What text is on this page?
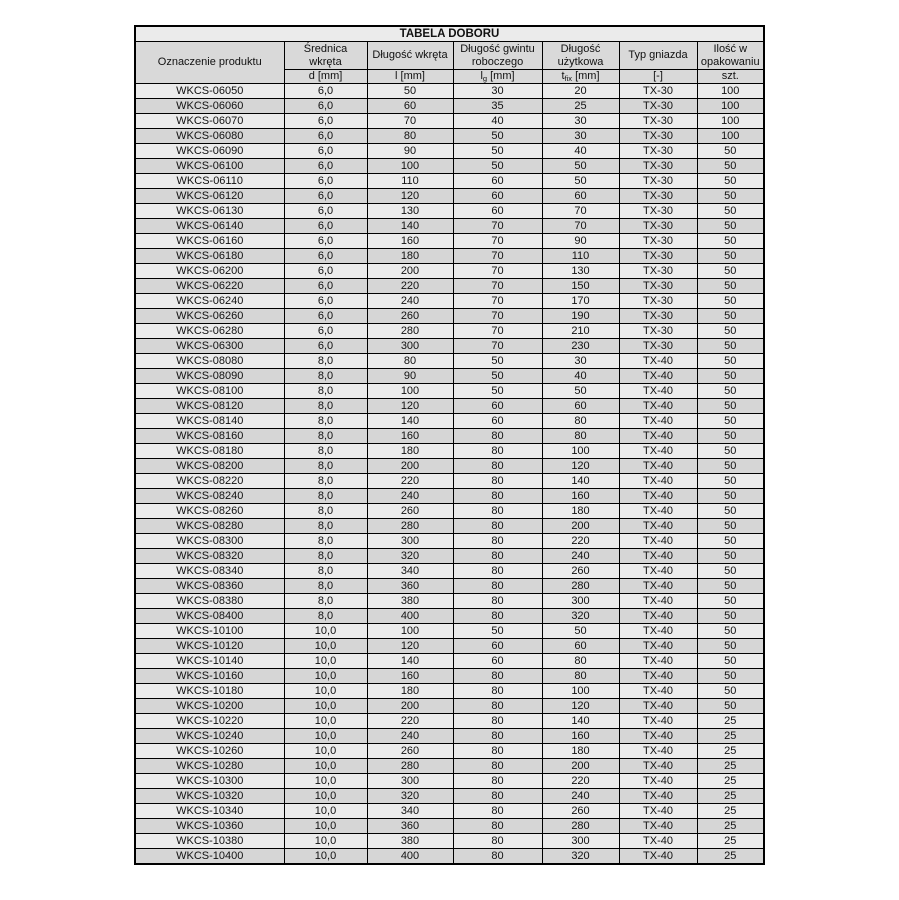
TABELA DOBORU						
Oznaczenie produktu	Średnica wkręta	Długość wkręta	Długość gwintu roboczego	Długość użytkowa	Typ gniazda	Ilość w opakowaniu
	d [mm]	l [mm]	$l_g$ [mm]	$t_{fix}$ [mm]	[-]	szt.
WKCS-06050	6,0	50	30	20	TX-30	100
WKCS-06060	6,0	60	35	25	TX-30	100
WKCS-06070	6,0	70	40	30	TX-30	100
WKCS-06080	6,0	80	50	30	TX-30	100
WKCS-06090	6,0	90	50	40	TX-30	50
WKCS-06100	6,0	100	50	50	TX-30	50
WKCS-06110	6,0	110	60	50	TX-30	50
WKCS-06120	6,0	120	60	60	TX-30	50
WKCS-06130	6,0	130	60	70	TX-30	50
WKCS-06140	6,0	140	70	70	TX-30	50
WKCS-06160	6,0	160	70	90	TX-30	50
WKCS-06180	6,0	180	70	110	TX-30	50
WKCS-06200	6,0	200	70	130	TX-30	50
WKCS-06220	6,0	220	70	150	TX-30	50
WKCS-06240	6,0	240	70	170	TX-30	50
WKCS-06260	6,0	260	70	190	TX-30	50
WKCS-06280	6,0	280	70	210	TX-30	50
WKCS-06300	6,0	300	70	230	TX-30	50
WKCS-08080	8,0	80	50	30	TX-40	50
WKCS-08090	8,0	90	50	40	TX-40	50
WKCS-08100	8,0	100	50	50	TX-40	50
WKCS-08120	8,0	120	60	60	TX-40	50
WKCS-08140	8,0	140	60	80	TX-40	50
WKCS-08160	8,0	160	80	80	TX-40	50
WKCS-08180	8,0	180	80	100	TX-40	50
WKCS-08200	8,0	200	80	120	TX-40	50
WKCS-08220	8,0	220	80	140	TX-40	50
WKCS-08240	8,0	240	80	160	TX-40	50
WKCS-08260	8,0	260	80	180	TX-40	50
WKCS-08280	8,0	280	80	200	TX-40	50
WKCS-08300	8,0	300	80	220	TX-40	50
WKCS-08320	8,0	320	80	240	TX-40	50
WKCS-08340	8,0	340	80	260	TX-40	50
WKCS-08360	8,0	360	80	280	TX-40	50
WKCS-08380	8,0	380	80	300	TX-40	50
WKCS-08400	8,0	400	80	320	TX-40	50
WKCS-10100	10,0	100	50	50	TX-40	50
WKCS-10120	10,0	120	60	60	TX-40	50
WKCS-10140	10,0	140	60	80	TX-40	50
WKCS-10160	10,0	160	80	80	TX-40	50
WKCS-10180	10,0	180	80	100	TX-40	50
WKCS-10200	10,0	200	80	120	TX-40	50
WKCS-10220	10,0	220	80	140	TX-40	25
WKCS-10240	10,0	240	80	160	TX-40	25
WKCS-10260	10,0	260	80	180	TX-40	25
WKCS-10280	10,0	280	80	200	TX-40	25
WKCS-10300	10,0	300	80	220	TX-40	25
WKCS-10320	10,0	320	80	240	TX-40	25
WKCS-10340	10,0	340	80	260	TX-40	25
WKCS-10360	10,0	360	80	280	TX-40	25
WKCS-10380	10,0	380	80	300	TX-40	25
WKCS-10400	10,0	400	80	320	TX-40	25
